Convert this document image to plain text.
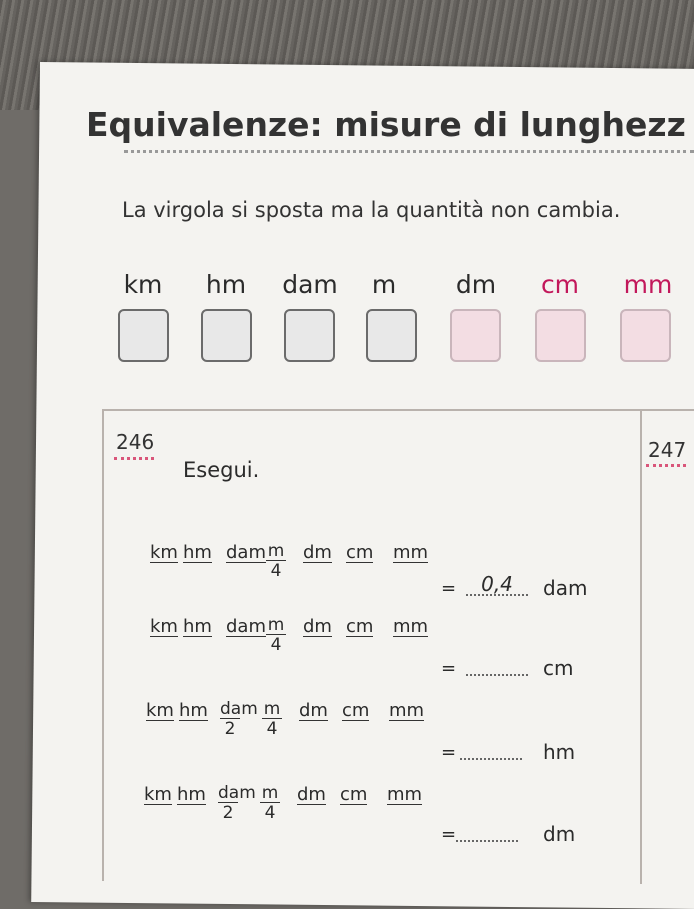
Equivalenze: misure di lunghezz
La virgola si sposta ma la quantità non cambia.
km	hm	dam	m	dm	cm	mm
246	247
Esegui.
km hm dam $\frac{m}{4}$ dm cm mm
=	0,4	dam
km hm dam $\frac{m}{4}$ dm cm mm
=	cm
km hm dam
$2 \frac{m}{4}$ dm cm mm
=	hm
km hm dam
$2 \frac{m}{4}$ dm cm mm
=	dm
